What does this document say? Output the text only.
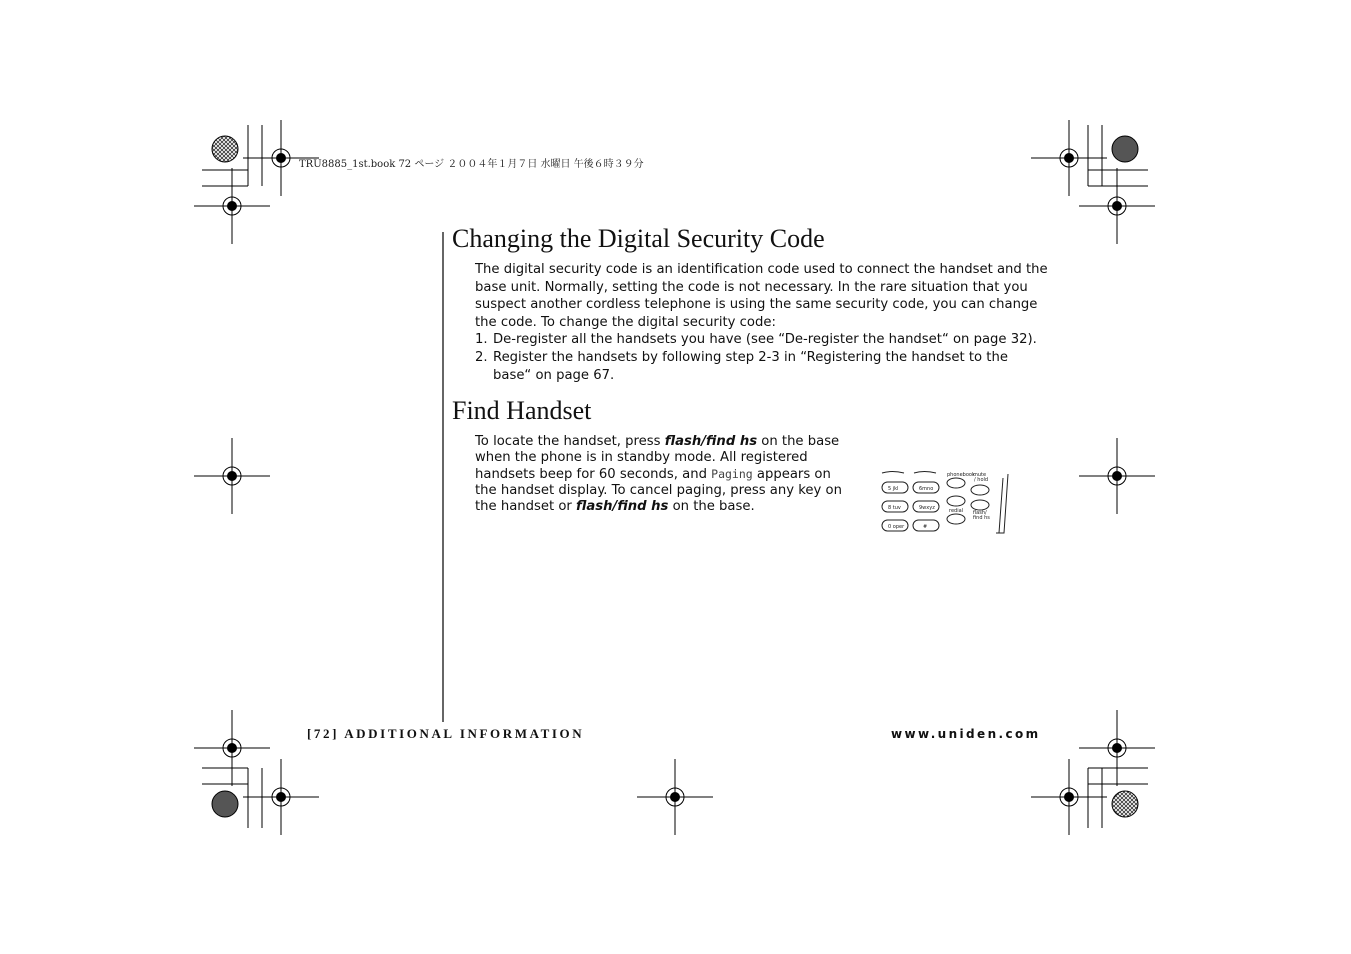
TRU8885_1st.book 72 ページ ２００４年１月７日 水曜日 午後６時３９分
Changing the Digital Security Code

The digital security code is an identification code used to connect the handset and the base unit. Normally, setting the code is not necessary. In the rare situation that you suspect another cordless telephone is using the same security code, you can change the code. To change the digital security code:

1. De-register all the handsets you have (see “De-register the handset“ on page 32).
2. Register the handsets by following step 2-3 in “Registering the handset to the base“ on page 67.
Find Handset

To locate the handset, press flash/find hs on the base when the phone is in standby mode. All registered handsets beep for 60 seconds, and Paging appears on the handset display. To cancel paging, press any key on the handset or flash/find hs on the base.

5 jkl	6mno
8 tuv	9wxyz
0 oper	#
phonebook
mute
/ hold
redial flash/
find hs
[72] ADDITIONAL INFORMATION	www.uniden.com
